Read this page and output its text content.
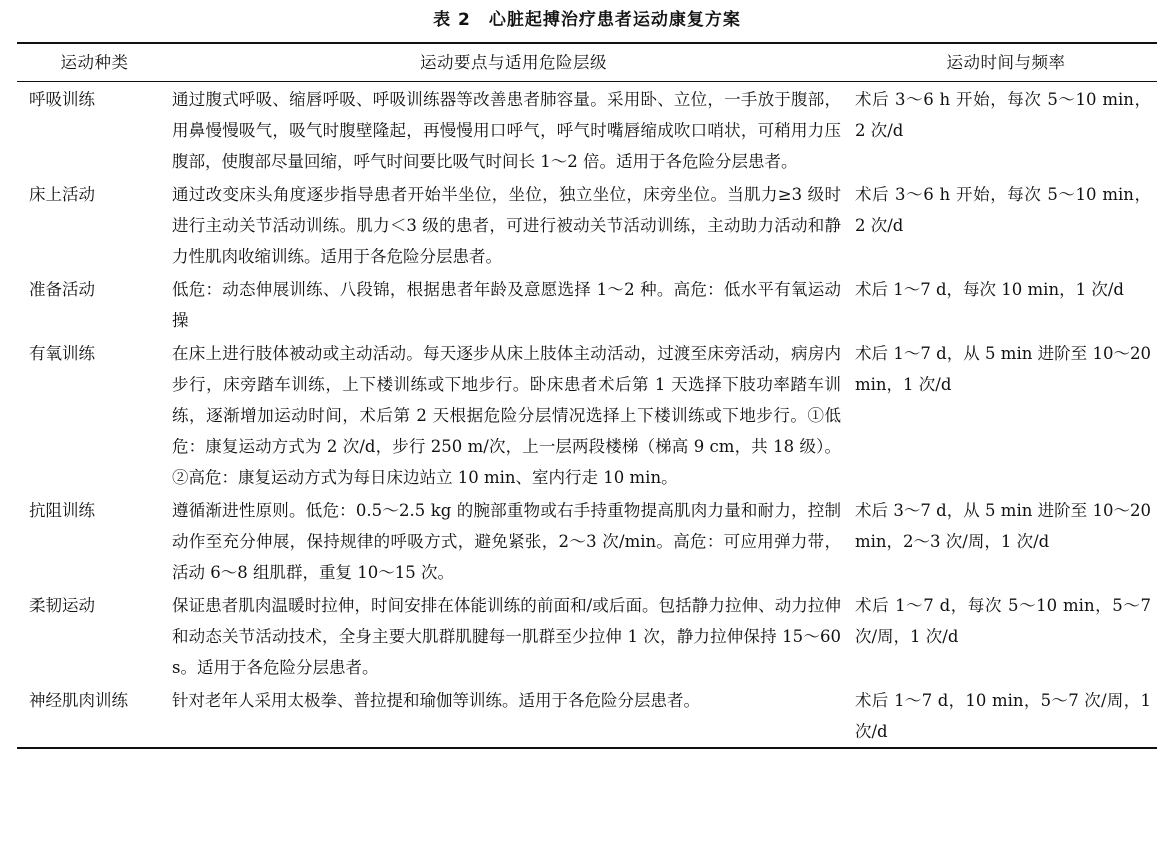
表 2　心脏起搏治疗患者运动康复方案
运动种类	运动要点与适用危险层级	运动时间与频率
呼吸训练	通过腹式呼吸、缩唇呼吸、呼吸训练器等改善患者肺容量。采用卧、立位，一手放于腹部，用鼻慢慢吸气，吸气时腹壁隆起，再慢慢用口呼气，呼气时嘴唇缩成吹口哨状，可稍用力压腹部，使腹部尽量回缩，呼气时间要比吸气时间长 1～2 倍。适用于各危险分层患者。	术后 3～6 h 开始，每次 5～10 min，2 次/d
床上活动	通过改变床头角度逐步指导患者开始半坐位，坐位，独立坐位，床旁坐位。当肌力≥3 级时进行主动关节活动训练。肌力＜3 级的患者，可进行被动关节活动训练，主动助力活动和静力性肌肉收缩训练。适用于各危险分层患者。	术后 3～6 h 开始，每次 5～10 min，2 次/d
准备活动	低危：动态伸展训练、八段锦，根据患者年龄及意愿选择 1～2 种。高危：低水平有氧运动操	术后 1～7 d，每次 10 min，1 次/d
有氧训练	在床上进行肢体被动或主动活动。每天逐步从床上肢体主动活动，过渡至床旁活动，病房内步行，床旁踏车训练，上下楼训练或下地步行。卧床患者术后第 1 天选择下肢功率踏车训练，逐渐增加运动时间，术后第 2 天根据危险分层情况选择上下楼训练或下地步行。①低危：康复运动方式为 2 次/d，步行 250 m/次，上一层两段楼梯（梯高 9 cm，共 18 级）。②高危：康复运动方式为每日床边站立 10 min、室内行走 10 min。	术后 1～7 d，从 5 min 进阶至 10～20 min，1 次/d
抗阻训练	遵循渐进性原则。低危：0.5～2.5 kg 的腕部重物或右手持重物提高肌肉力量和耐力，控制动作至充分伸展，保持规律的呼吸方式，避免紧张，2～3 次/min。高危：可应用弹力带，活动 6～8 组肌群，重复 10～15 次。	术后 3～7 d，从 5 min 进阶至 10～20 min，2～3 次/周，1 次/d
柔韧运动	保证患者肌肉温暖时拉伸，时间安排在体能训练的前面和/或后面。包括静力拉伸、动力拉伸和动态关节活动技术，全身主要大肌群肌腱每一肌群至少拉伸 1 次，静力拉伸保持 15～60 s。适用于各危险分层患者。	术后 1～7 d，每次 5～10 min，5～7 次/周，1 次/d
神经肌肉训练	针对老年人采用太极拳、普拉提和瑜伽等训练。适用于各危险分层患者。	术后 1～7 d，10 min，5～7 次/周，1 次/d
